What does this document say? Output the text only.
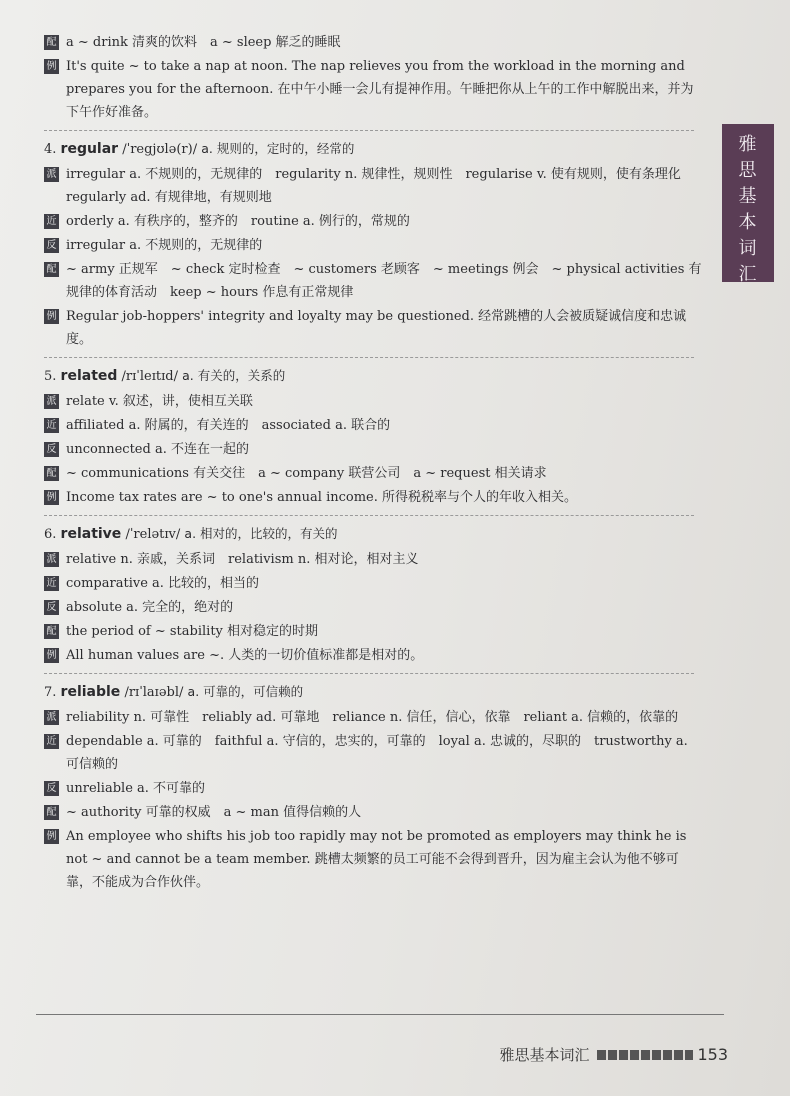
配 a ~ drink 清爽的饮料　a ~ sleep 解乏的睡眠
例 It's quite ~ to take a nap at noon. The nap relieves you from the workload in the morning and prepares you for the afternoon. 在中午小睡一会儿有提神作用。午睡把你从上午的工作中解脱出来，并为下午作好准备。
4. regular /ˈregjʊlə(r)/ a. 规则的，定时的，经常的
派 irregular a. 不规则的，无规律的　regularity n. 规律性，规则性　regularise v. 使有规则，使有条理化　regularly ad. 有规律地，有规则地
近 orderly a. 有秩序的，整齐的　routine a. 例行的，常规的
反 irregular a. 不规则的，无规律的
配 ~ army 正规军　~ check 定时检查　~ customers 老顾客　~ meetings 例会　~ physical activities 有规律的体育活动　keep ~ hours 作息有正常规律
例 Regular job-hoppers' integrity and loyalty may be questioned. 经常跳槽的人会被质疑诚信度和忠诚度。
5. related /rɪˈleɪtɪd/ a. 有关的，关系的
派 relate v. 叙述，讲，使相互关联
近 affiliated a. 附属的，有关连的　associated a. 联合的
反 unconnected a. 不连在一起的
配 ~ communications 有关交往　a ~ company 联营公司　a ~ request 相关请求
例 Income tax rates are ~ to one's annual income. 所得税税率与个人的年收入相关。
6. relative /ˈrelətɪv/ a. 相对的，比较的，有关的
派 relative n. 亲戚，关系词　relativism n. 相对论，相对主义
近 comparative a. 比较的，相当的
反 absolute a. 完全的，绝对的
配 the period of ~ stability 相对稳定的时期
例 All human values are ~. 人类的一切价值标准都是相对的。
7. reliable /rɪˈlaɪəbl/ a. 可靠的，可信赖的
派 reliability n. 可靠性　reliably ad. 可靠地　reliance n. 信任，信心，依靠　reliant a. 信赖的，依靠的
近 dependable a. 可靠的　faithful a. 守信的，忠实的，可靠的　loyal a. 忠诚的，尽职的　trustworthy a. 可信赖的
反 unreliable a. 不可靠的
配 ~ authority 可靠的权威　a ~ man 值得信赖的人
例 An employee who shifts his job too rapidly may not be promoted as employers may think he is not ~ and cannot be a team member. 跳槽太频繁的员工可能不会得到晋升，因为雇主会认为他不够可靠，不能成为合作伙伴。
雅
思
基
本
词
汇
雅思基本词汇	153
